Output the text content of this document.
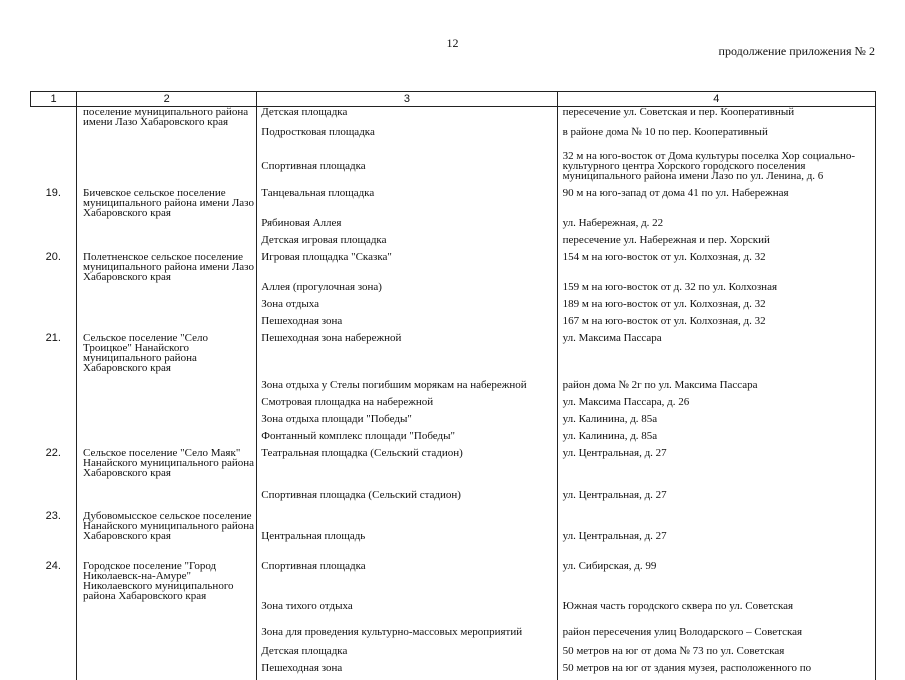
12
продолжение приложения № 2
1	2	3	4
	поселение муниципального района имени Лазо Хабаровского края	Детская площадка	пересечение ул. Советская и пер. Кооперативный
		Подростковая площадка	в районе дома № 10 по пер. Кооперативный
		Спортивная площадка	32 м на юго-восток от Дома культуры поселка Хор социально-культурного центра Хорского городского поселения муниципального района имени Лазо по ул. Ленина, д. 6
19.	Бичевское сельское поселение муниципального района имени Лазо Хабаровского края	Танцевальная площадка	90 м на юго-запад от дома 41 по ул. Набережная
		Рябиновая Аллея	ул. Набережная, д. 22
		Детская игровая площадка	пересечение ул. Набережная и пер. Хорский
20.	Полетненское сельское поселение муниципального района имени Лазо Хабаровского края	Игровая площадка "Сказка"	154 м на юго-восток от ул. Колхозная, д. 32
		Аллея (прогулочная зона)	159 м на юго-восток от д. 32 по ул. Колхозная
		Зона отдыха	189 м на юго-восток от ул. Колхозная, д. 32
		Пешеходная зона	167 м на юго-восток от ул. Колхозная, д. 32
21.	Сельское поселение "Село Троицкое" Нанайского муниципального района Хабаровского края	Пешеходная зона набережной	ул. Максима Пассара
		Зона отдыха у Стелы погибшим морякам на набережной	район дома № 2г по ул. Максима Пассара
		Смотровая площадка на набережной	ул. Максима Пассара, д. 26
		Зона отдыха площади "Победы"	ул. Калинина, д. 85а
		Фонтанный комплекс площади "Победы"	ул. Калинина, д. 85а
22.	Сельское поселение "Село Маяк" Нанайского муниципального района Хабаровского края	Театральная площадка (Сельский стадион)	ул. Центральная, д. 27
		Спортивная площадка (Сельский стадион)	ул. Центральная, д. 27
23.	Дубовомысское сельское поселение Нанайского муниципального района Хабаровского края	Центральная площадь	ул. Центральная, д. 27
24.	Городское поселение "Город Николаевск-на-Амуре" Николаевского муниципального района Хабаровского края	Спортивная площадка	ул. Сибирская, д. 99
		Зона тихого отдыха	Южная часть городского сквера по ул. Советская
		Зона для проведения культурно-массовых мероприятий	район пересечения улиц Володарского – Советская
		Детская площадка	50 метров на юг от дома № 73 по ул. Советская
		Пешеходная зона	50 метров на юг от здания музея, расположенного по
